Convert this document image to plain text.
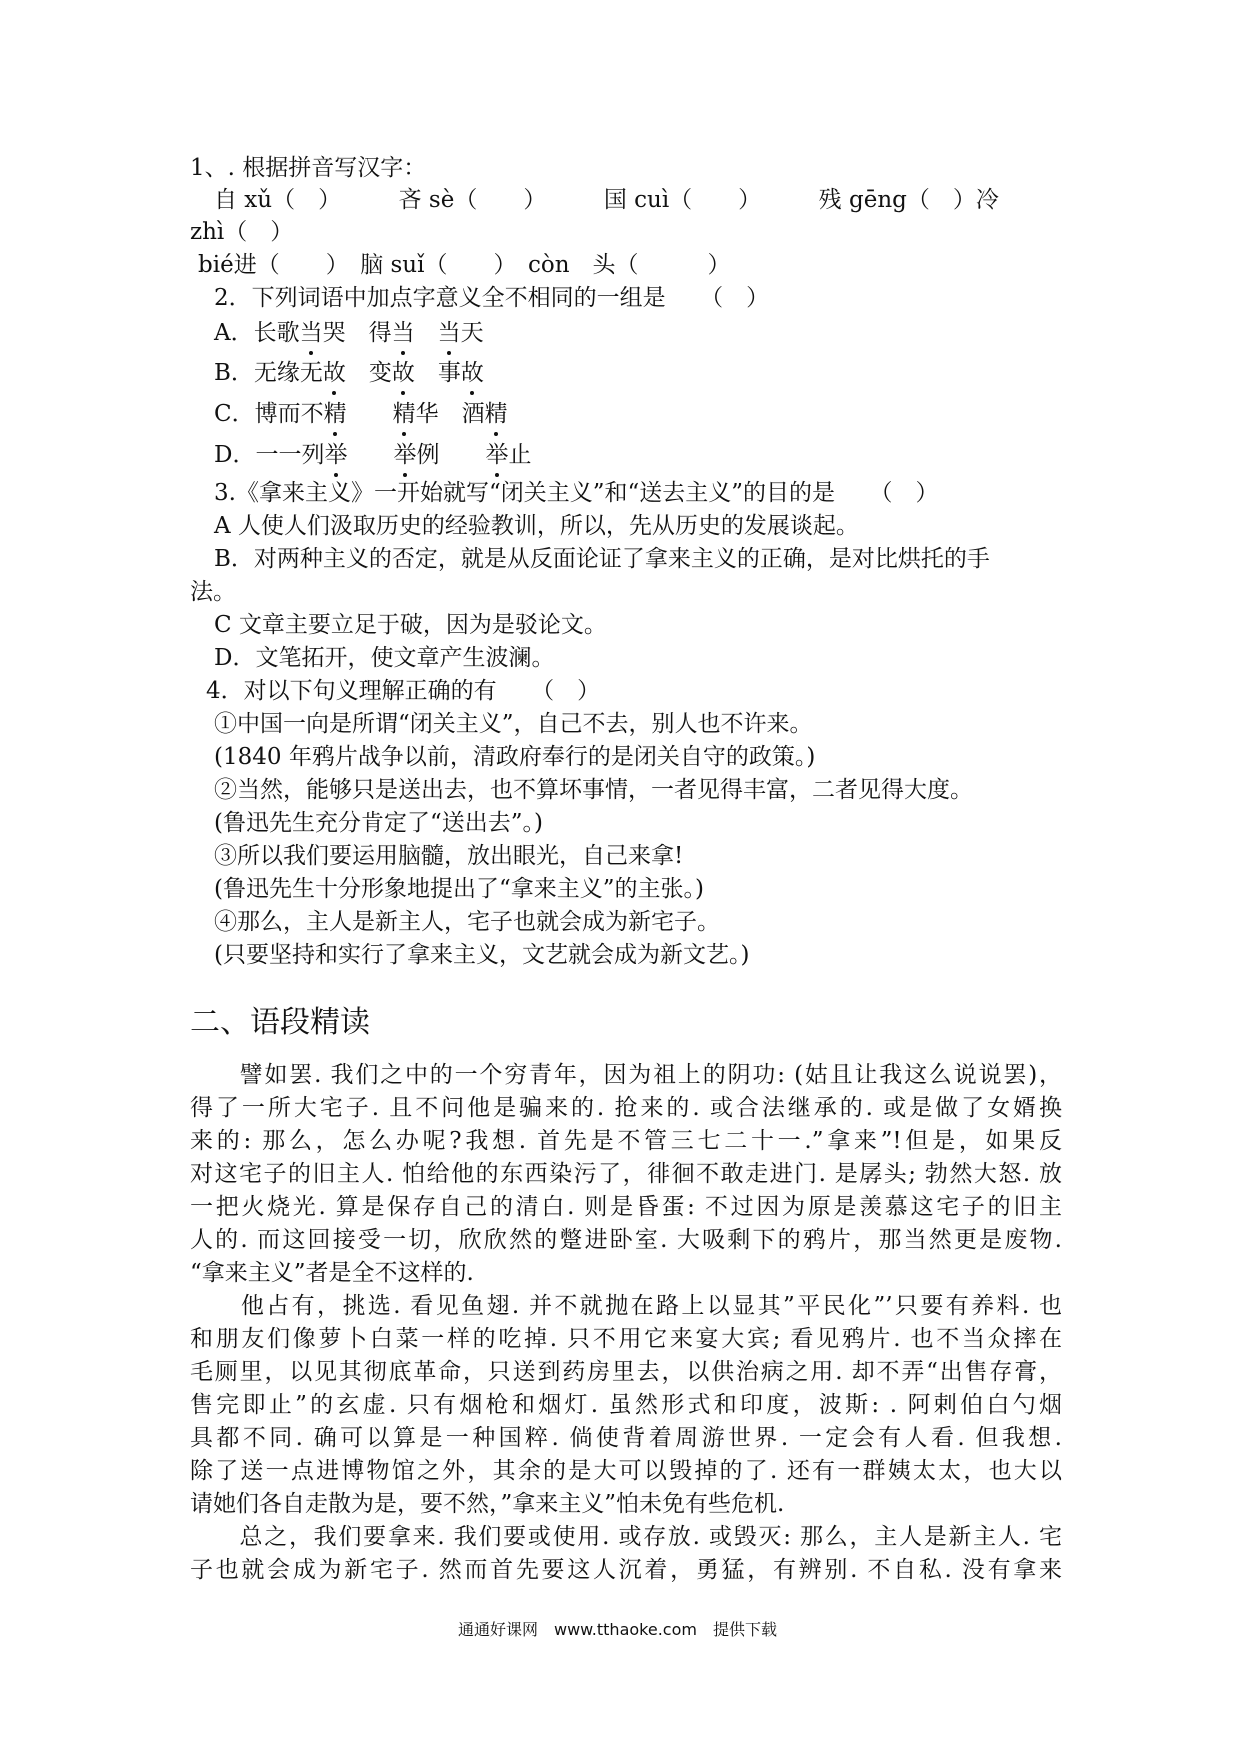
1、. 根据拼音写汉字：
自 xǔ（　）　　　吝 sè（　　）　　　国 cuì（　　）　　　残 gēng（　）冷
zhì（　）
bié进（　　）　脑 suǐ（　　）　còn　头（　　　）
2．下列词语中加点字意义全不相同的一组是　　（　）
A．长歌当哭　得当　 当天
B．无缘无故　变故　事故
C．博而不精　　 精华　酒精
D．一一列举　　 举例　　举止
3.《拿来主义》一开始就写“闭关主义”和“送去主义”的目的是　　（　）
A 人使人们汲取历史的经验教训，所以，先从历史的发展谈起。
B．对两种主义的否定，就是从反面论证了拿来主义的正确，是对比烘托的手
法。
C 文章主要立足于破，因为是驳论文。
D．文笔拓开，使文章产生波澜。
4．对以下句义理解正确的有　　（　）
①中国一向是所谓“闭关主义”，自己不去，别人也不许来。
(1840 年鸦片战争以前，清政府奉行的是闭关自守的政策。)
②当然，能够只是送出去，也不算坏事情，一者见得丰富，二者见得大度。
(鲁迅先生充分肯定了“送出去”。)
③所以我们要运用脑髓，放出眼光，自己来拿!
(鲁迅先生十分形象地提出了“拿来主义”的主张。)
④那么，主人是新主人，宅子也就会成为新宅子。
(只要坚持和实行了拿来主义，文艺就会成为新文艺。)
二、语段精读
　　譬如罢. 我们之中的一个穷青年，因为祖上的阴功: (姑且让我这么说说罢)，
得了一所大宅子. 且不问他是骗来的. 抢来的. 或合法继承的. 或是做了女婿换
来的: 那么，怎么办呢?我想. 首先是不管三七二十一.”拿来”!但是，如果反
对这宅子的旧主人. 怕给他的东西染污了，徘徊不敢走进门. 是孱头; 勃然大怒. 放
一把火烧光. 算是保存自己的清白. 则是昏蛋: 不过因为原是羡慕这宅子的旧主
人的. 而这回接受一切，欣欣然的蹩进卧室. 大吸剩下的鸦片，那当然更是废物.
“拿来主义”者是全不这样的.
　　他占有，挑选. 看见鱼翅. 并不就抛在路上以显其”平民化”’只要有养料. 也
和朋友们像萝卜白菜一样的吃掉. 只不用它来宴大宾; 看见鸦片. 也不当众摔在
毛厕里，以见其彻底革命，只送到药房里去，以供治病之用. 却不弄“出售存膏，
售完即止”的玄虚. 只有烟枪和烟灯. 虽然形式和印度，波斯: . 阿剌伯白勺烟
具都不同. 确可以算是一种国粹. 倘使背着周游世界. 一定会有人看. 但我想.
除了送一点进博物馆之外，其余的是大可以毁掉的了. 还有一群姨太太，也大以
请她们各自走散为是，要不然，”拿来主义”怕未免有些危机.
　　总之，我们要拿来. 我们要或使用. 或存放. 或毁灭: 那么，主人是新主人. 宅
子也就会成为新宅子. 然而首先要这人沉着，勇猛，有辨别. 不自私. 没有拿来
通通好课网　www.tthaoke.com　提供下载
